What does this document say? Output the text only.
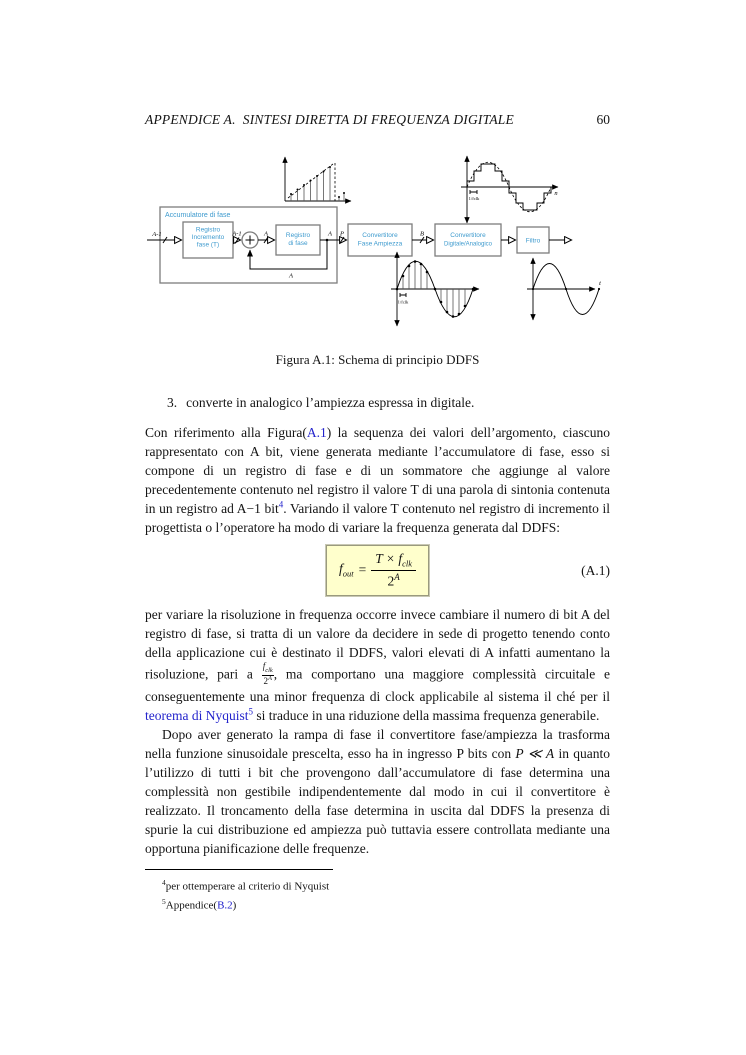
APPENDICE A.  SINTESI DIRETTA DI FREQUENZA DIGITALE	60
1/fclk
n
Accumulatore di fase
A-1
Registro
Incremento
fase (T)
A-1	A	Registro
di fase
A
A
P	Convertitore
Fase Ampiezza
B	Convertitore
Digitale/Analogico	Filtro
1/fclk
t
Figura A.1: Schema di principio DDFS
3. converte in analogico l’ampiezza espressa in digitale.

Con riferimento alla Figura(A.1) la sequenza dei valori dell’argomento, ciascuno rappresentato con A bit, viene generata mediante l’accumulatore di fase, esso si compone di un registro di fase e di un sommatore che aggiunge al valore precedentemente contenuto nel registro il valore T di una parola di sintonia contenuta in un registro ad A−1 bit$^4$. Variando il valore T contenuto nel registro di incremento il progettista o l’operatore ha modo di variare la frequenza generata dal DDFS:

$f_{out} = \frac{T \times f_{clk}}{2^A}$	(A.1)

per variare la risoluzione in frequenza occorre invece cambiare il numero di bit A del registro di fase, si tratta di un valore da decidere in sede di progetto tenendo conto della applicazione cui è destinato il DDFS, valori elevati di A infatti aumentano la risoluzione, pari a $\frac{f_{clk}}{2^A}$ , ma comportano una maggiore complessità circuitale e conseguentemente una minor frequenza di clock applicabile al sistema il ché per il teorema di Nyquist$^5$ si traduce in una riduzione della massima frequenza generabile.

Dopo aver generato la rampa di fase il convertitore fase/ampiezza la trasforma nella funzione sinusoidale prescelta, esso ha in ingresso P bits con P ≪ A in quanto l’utilizzo di tutti i bit che provengono dall’accumulatore di fase determina una complessità non gestibile indipendentemente dal modo in cui il convertitore è realizzato. Il troncamento della fase determina in uscita dal DDFS la presenza di spurie la cui distribuzione ed ampiezza può tuttavia essere controllata mediante una opportuna pianificazione delle frequenze.

$^4$per ottemperare al criterio di Nyquist
$^5$Appendice(B.2)
